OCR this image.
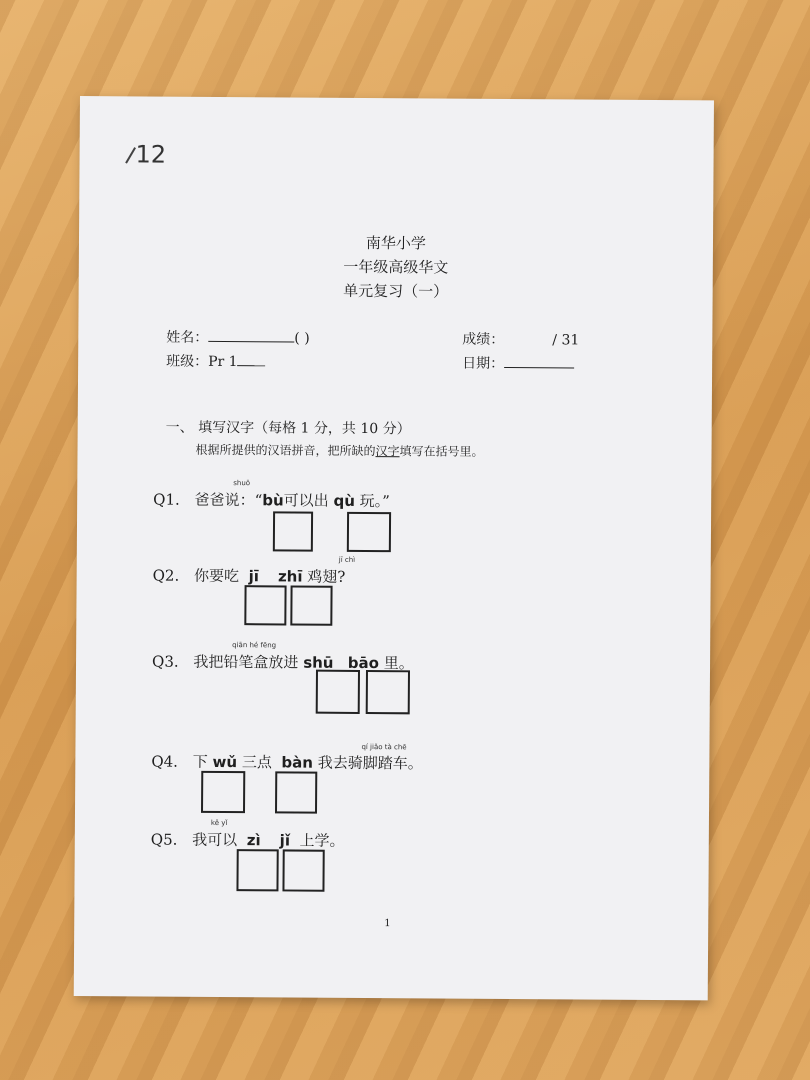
12
南华小学
一年级高级华文
单元复习（一）
姓名：	( )	成绩：	/ 31
班级：Pr 1	日期：
一、 填写汉字（每格 1 分，共 10 分）
根据所提供的汉语拼音，把所缺的汉字填写在括号里。
shuō
Q1. 爸爸说：“bù可以出 qù 玩。”
jī chì
Q2. 你要吃 jī zhī 鸡翅?
qiān hé fēng
Q3. 我把铅笔盒放进 shū bāo 里。
qí jiǎo tà chē
Q4. 下 wǔ 三点 bàn 我去骑脚踏车。
kě yǐ
Q5. 我可以 zì jǐ 上学。
1
